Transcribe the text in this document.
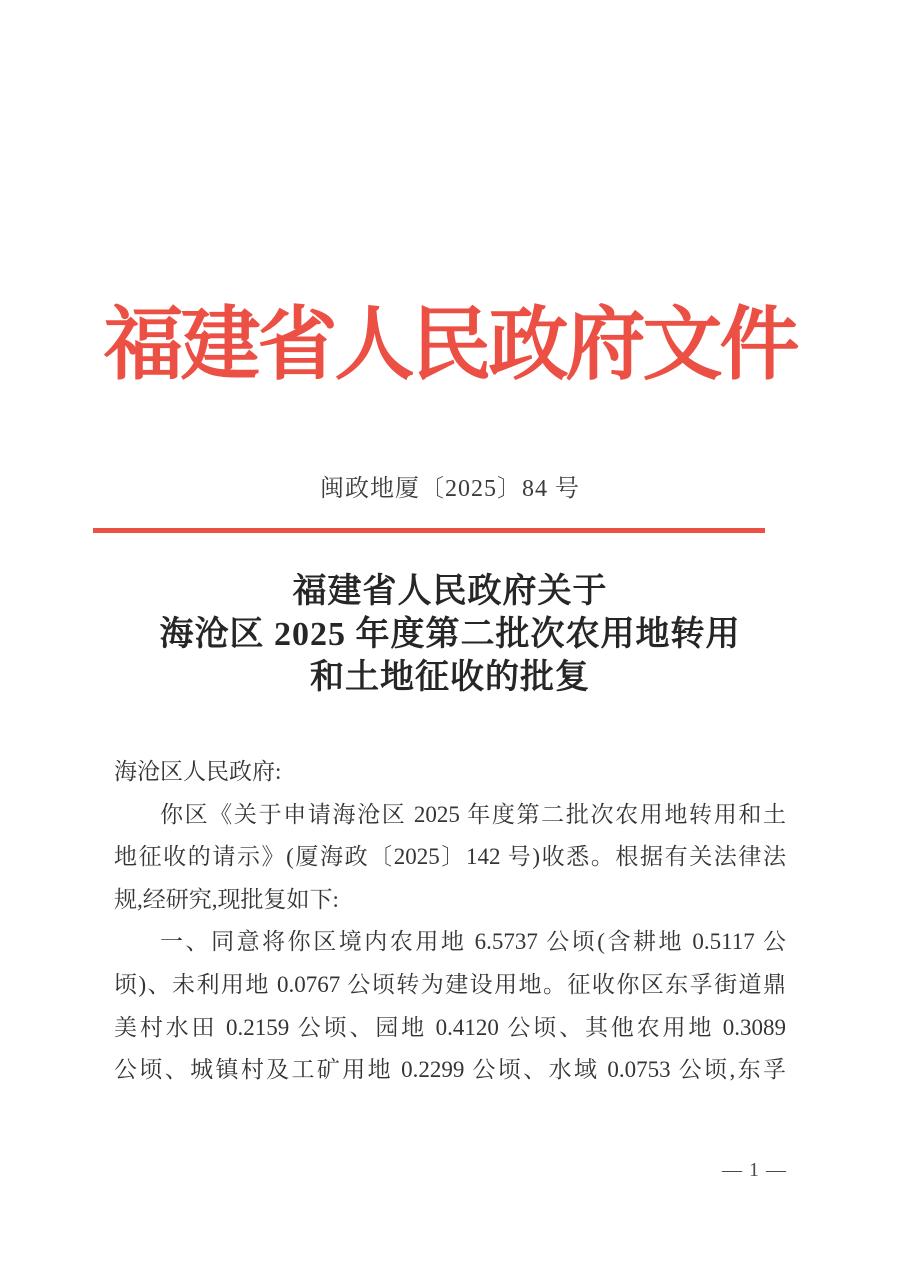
福建省人民政府文件
闽政地厦〔2025〕84 号
福建省人民政府关于
海沧区 2025 年度第二批次农用地转用
和土地征收的批复
海沧区人民政府:
你区《关于申请海沧区 2025 年度第二批次农用地转用和土
地征收的请示》(厦海政〔2025〕142 号)收悉。根据有关法律法
规,经研究,现批复如下:
一、同意将你区境内农用地 6.5737 公顷(含耕地 0.5117 公
顷)、未利用地 0.0767 公顷转为建设用地。征收你区东孚街道鼎
美村水田 0.2159 公顷、园地 0.4120 公顷、其他农用地 0.3089
公顷、城镇村及工矿用地 0.2299 公顷、水域 0.0753 公顷,东孚
— 1 —
